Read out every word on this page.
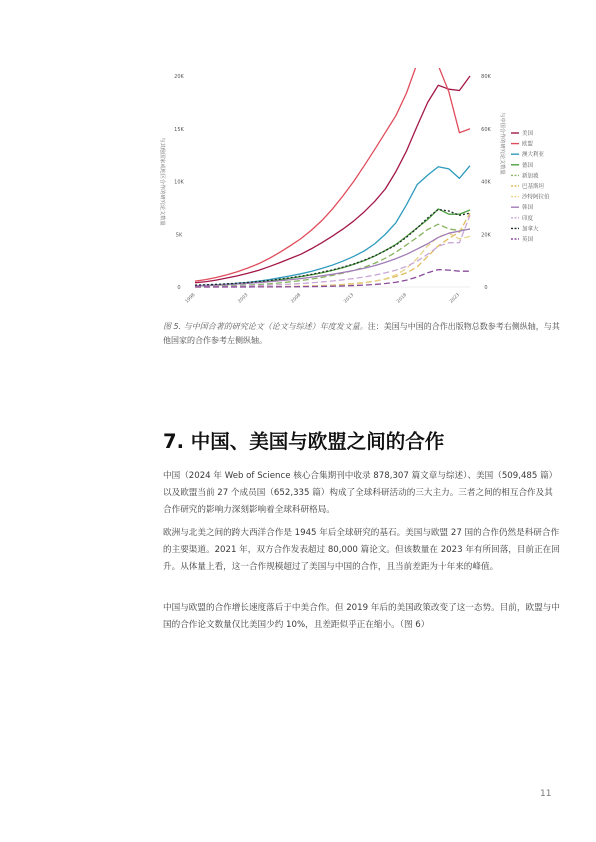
0
5K
10K
15K
20K
0
20K
40K
60K
80K
1998	2003	2008	2013	2018	2023
与其他国家或地区合作的研究论文数量	与中国合作的研究论文数量	美国
欧盟
澳大利亚
德国
新加坡
巴基斯坦
沙特阿拉伯
韩国
印度
加拿大
英国
图 5. 与中国合著的研究论文（论文与综述）年度发文量。注：美国与中国的合作出版物总数参考右侧纵轴，与其他国家的合作参考左侧纵轴。
7. 中国、美国与欧盟之间的合作

中国（2024 年 Web of Science 核心合集期刊中收录 878,307 篇文章与综述）、美国（509,485 篇）以及欧盟当前 27 个成员国（652,335 篇）构成了全球科研活动的三大主力。三者之间的相互合作及其合作研究的影响力深刻影响着全球科研格局。

欧洲与北美之间的跨大西洋合作是 1945 年后全球研究的基石。美国与欧盟 27 国的合作仍然是科研合作的主要渠道。2021 年，双方合作发表超过 80,000 篇论文。但该数量在 2023 年有所回落，目前正在回升。从体量上看，这一合作规模超过了美国与中国的合作，且当前差距为十年来的峰值。

中国与欧盟的合作增长速度落后于中美合作。但 2019 年后的美国政策改变了这一态势。目前，欧盟与中国的合作论文数量仅比美国少约 10%，且差距似乎正在缩小。（图 6）

11
